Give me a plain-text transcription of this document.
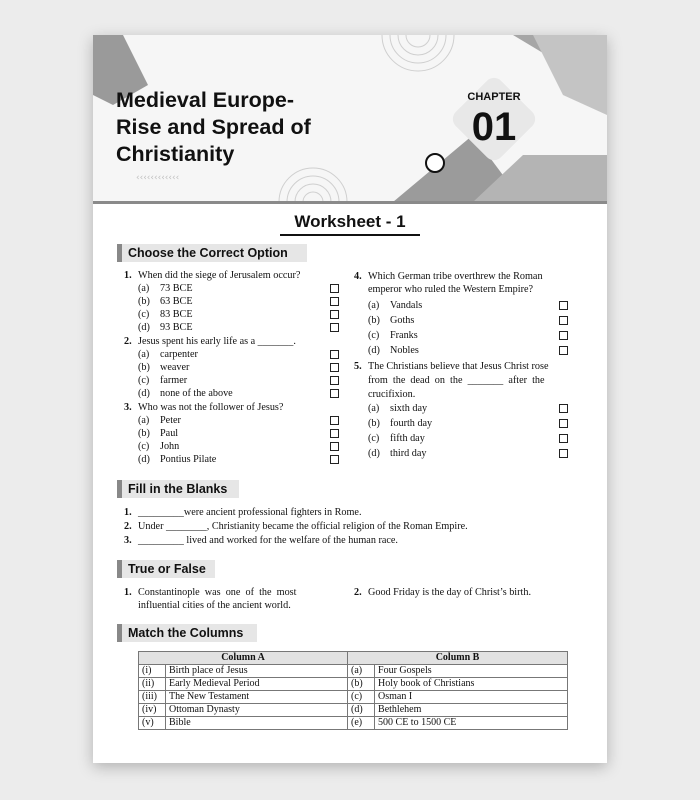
‹‹‹‹‹‹‹‹‹‹‹‹
Medieval Europe-
Rise and Spread of
Christianity
CHAPTER
01
Worksheet - 1
Choose the Correct Option
1. When did the siege of Jerusalem occur?
(a) 73 BCE
(b) 63 BCE
(c) 83 BCE
(d) 93 BCE
2. Jesus spent his early life as a _______.
(a) carpenter
(b) weaver
(c) farmer
(d) none of the above
3. Who was not the follower of Jesus?
(a) Peter
(b) Paul
(c) John
(d) Pontius Pilate
4. Which German tribe overthrew the Roman
emperor who ruled the Western Empire?
(a) Vandals
(b) Goths
(c) Franks
(d) Nobles
5. The Christians believe that Jesus Christ rose
from  the  dead  on  the  _______  after  the
crucifixion.
(a) sixth day
(b) fourth day
(c) fifth day
(d) third day
Fill in the Blanks
1. _________were ancient professional fighters in Rome.
2. Under ________, Christianity became the official religion of the Roman Empire.
3. _________ lived and worked for the welfare of the human race.
True or False
1. Constantinople  was  one  of  the  most
influential cities of the ancient world.
2. Good Friday is the day of Christ’s birth.
Match the Columns
Column A		Column B	
(i)	Birth place of Jesus	(a)	Four Gospels
(ii)	Early Medieval Period	(b)	Holy book of Christians
(iii)	The New Testament	(c)	Osman I
(iv)	Ottoman Dynasty	(d)	Bethlehem
(v)	Bible	(e)	500 CE to 1500 CE
